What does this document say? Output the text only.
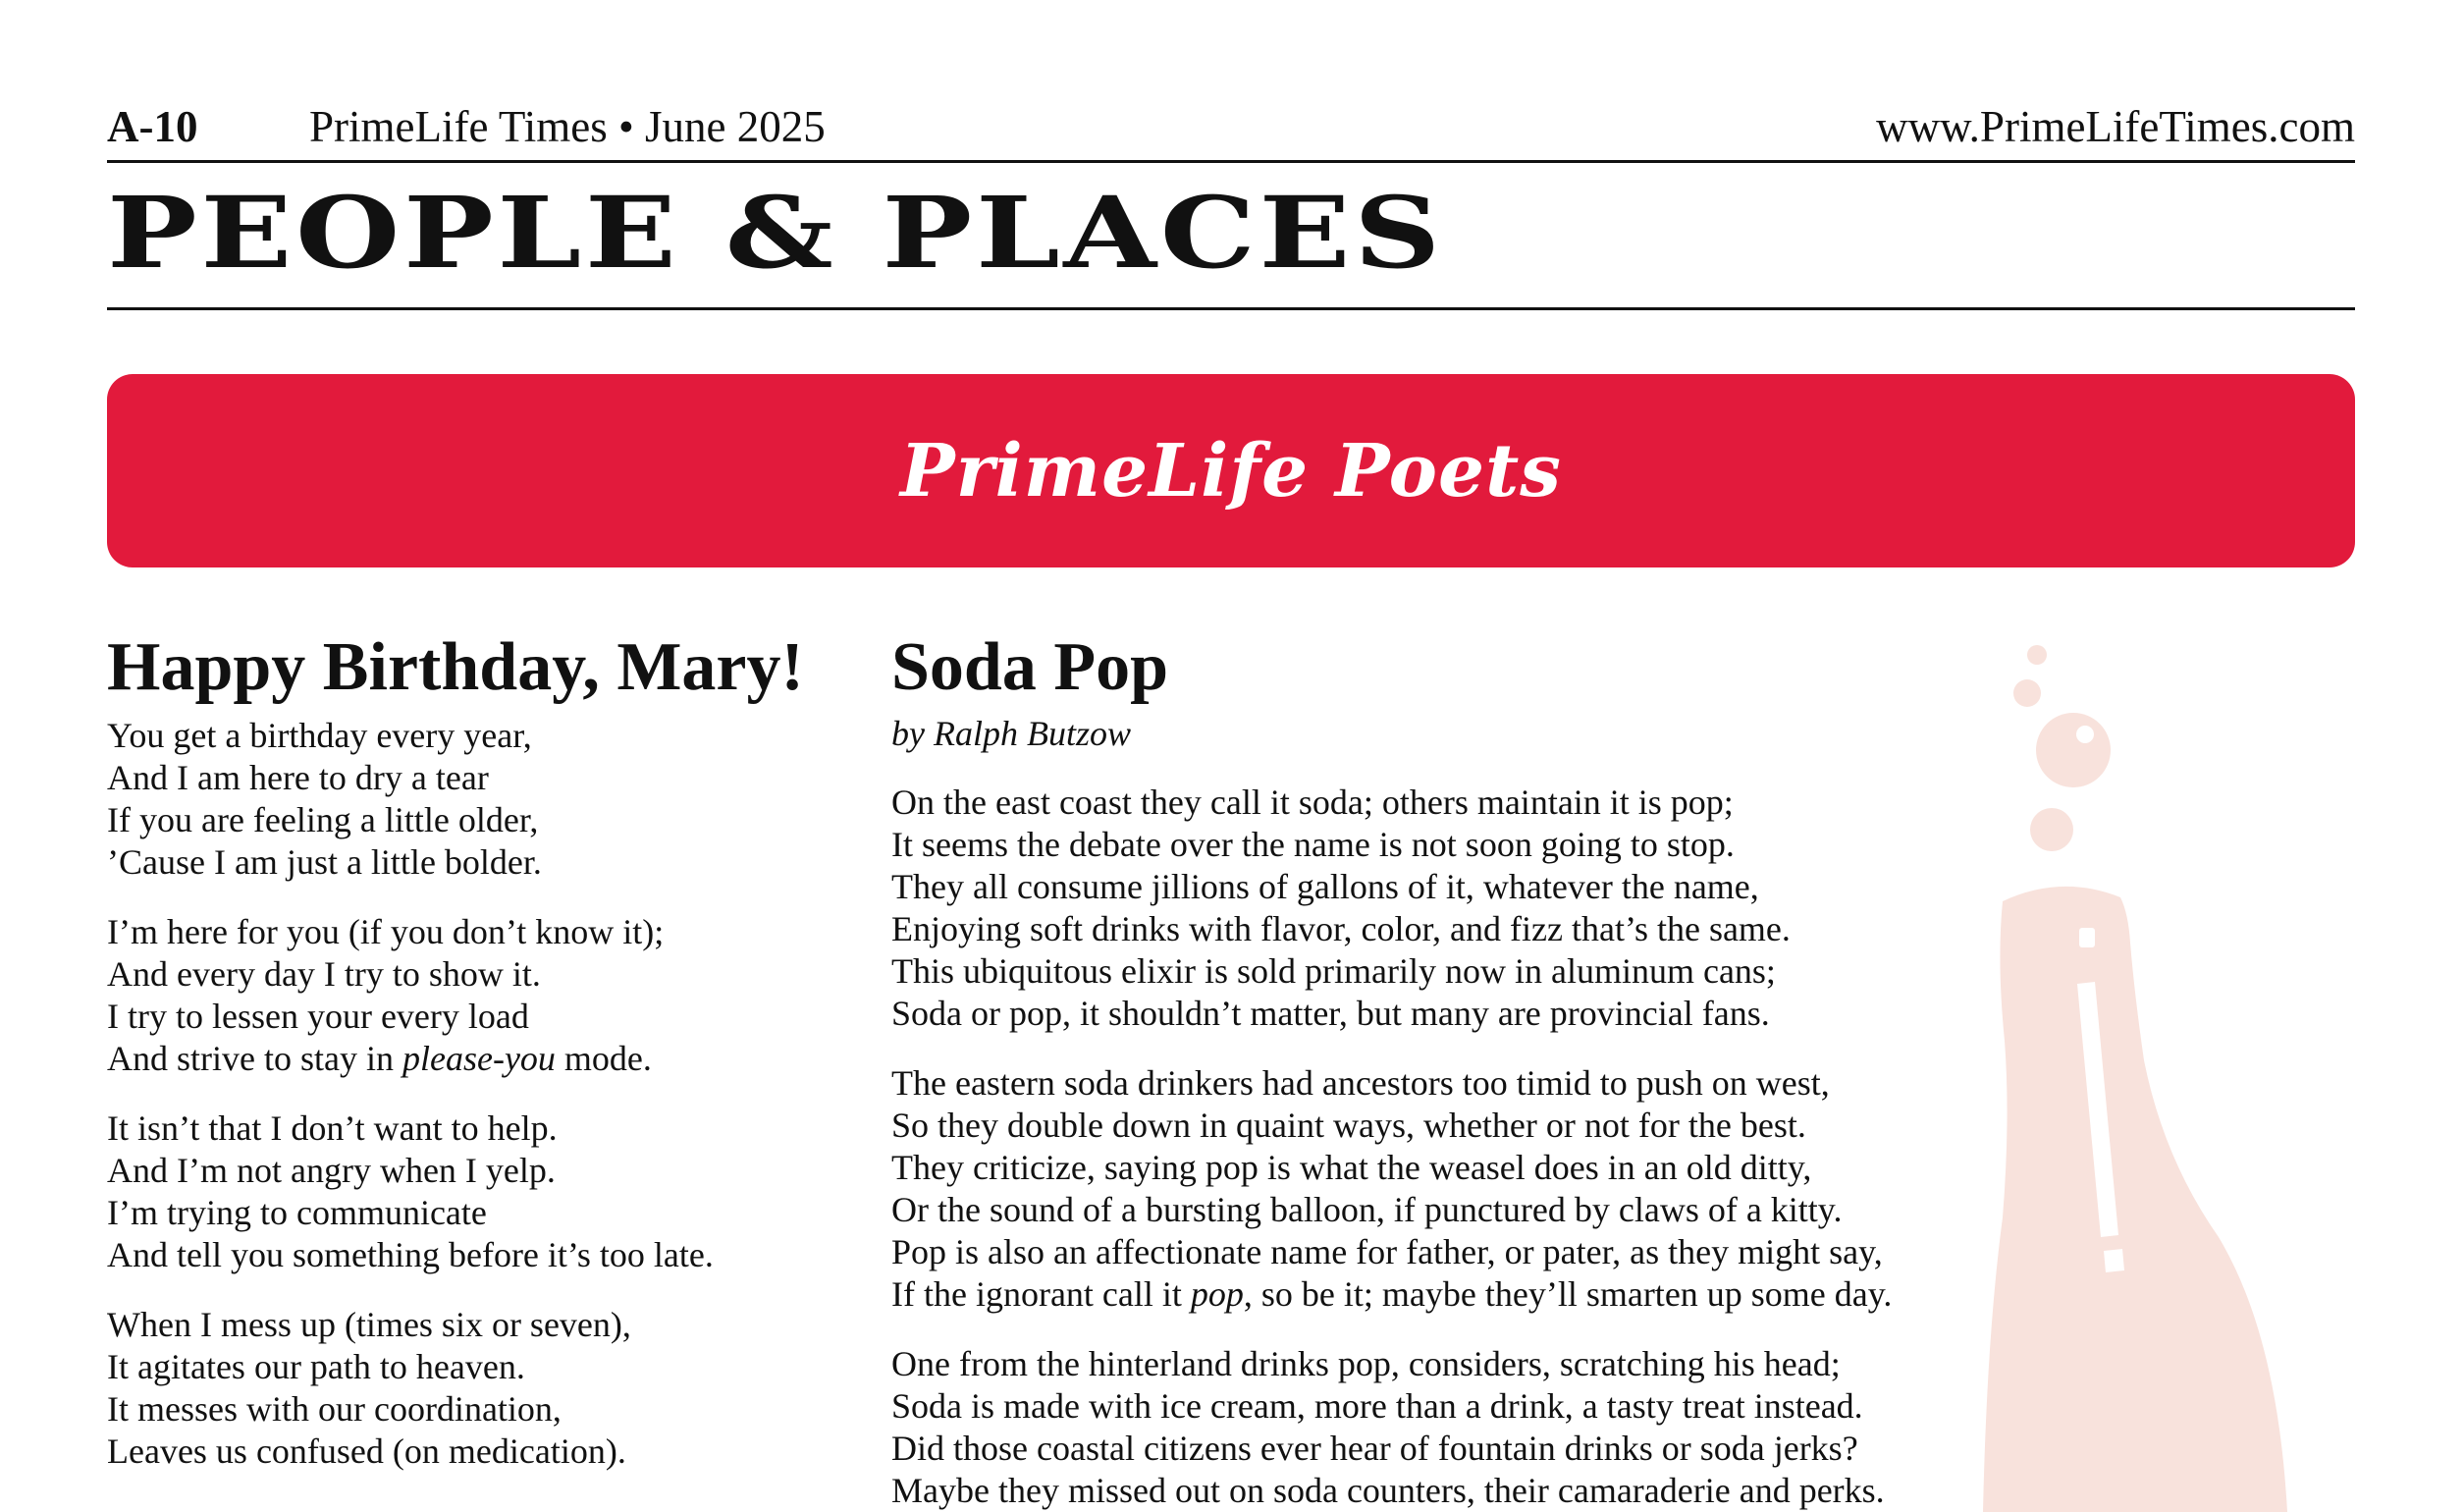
A-10	PrimeLife Times • June 2025	www.PrimeLifeTimes.com
PEOPLE & PLACES
PrimeLife Poets
Happy Birthday, Mary!
You get a birthday every year,
And I am here to dry a tear
If you are feeling a little older,
’Cause I am just a little bolder.
I’m here for you (if you don’t know it);
And every day I try to show it.
I try to lessen your every load
And strive to stay in please-you mode.
It isn’t that I don’t want to help.
And I’m not angry when I yelp.
I’m trying to communicate
And tell you something before it’s too late.
When I mess up (times six or seven),
It agitates our path to heaven.
It messes with our coordination,
Leaves us confused (on medication).
Soda Pop
by Ralph Butzow
On the east coast they call it soda; others maintain it is pop;
It seems the debate over the name is not soon going to stop.
They all consume jillions of gallons of it, whatever the name,
Enjoying soft drinks with flavor, color, and fizz that’s the same.
This ubiquitous elixir is sold primarily now in aluminum cans;
Soda or pop, it shouldn’t matter, but many are provincial fans.
The eastern soda drinkers had ancestors too timid to push on west,
So they double down in quaint ways, whether or not for the best.
They criticize, saying pop is what the weasel does in an old ditty,
Or the sound of a bursting balloon, if punctured by claws of a kitty.
Pop is also an affectionate name for father, or pater, as they might say,
If the ignorant call it pop, so be it; maybe they’ll smarten up some day.
One from the hinterland drinks pop, considers, scratching his head;
Soda is made with ice cream, more than a drink, a tasty treat instead.
Did those coastal citizens ever hear of fountain drinks or soda jerks?
Maybe they missed out on soda counters, their camaraderie and perks.
